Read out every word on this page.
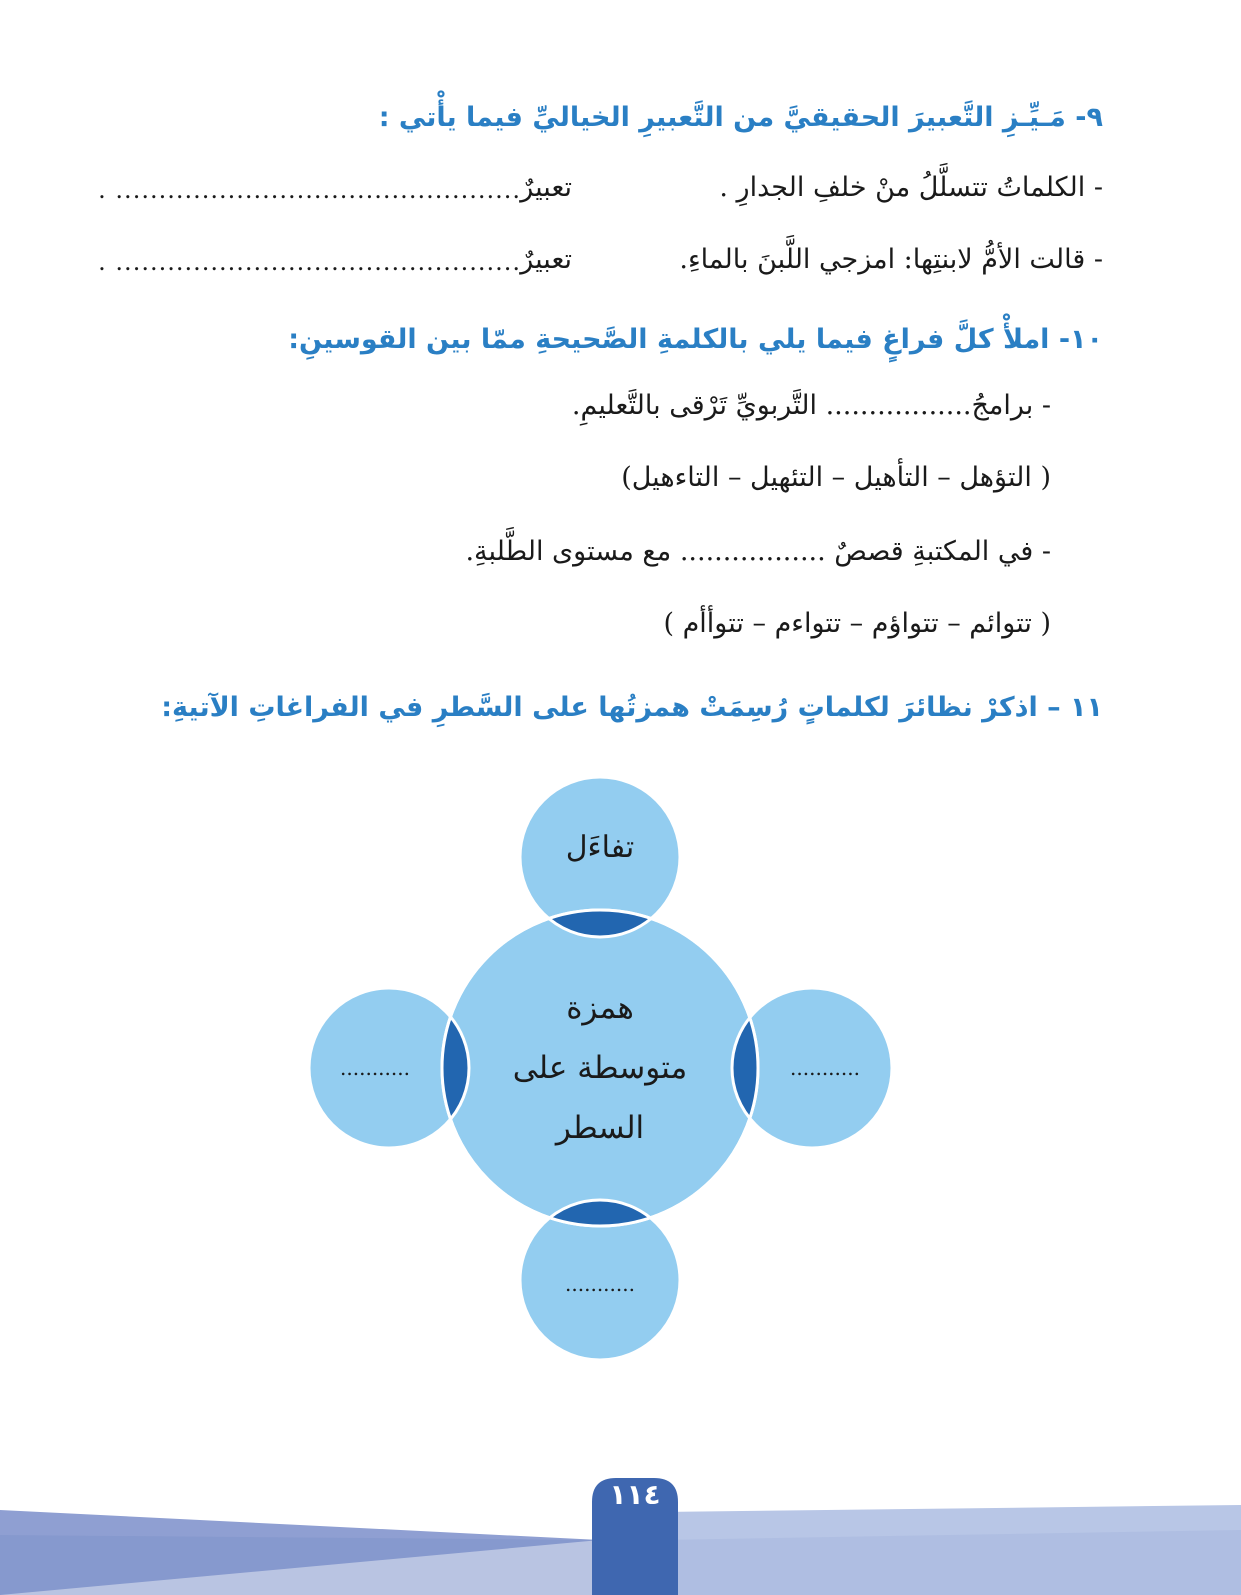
٩- مَـيِّـزِ التَّعبيرَ الحقيقيَّ من التَّعبيرِ الخياليِّ فيما يأْتي :
- الكلماتُ تتسلَّلُ منْ خلفِ الجدارِ .
تعبيرٌ
............................................... .
- قالت الأمُّ لابنتِها: امزجي اللَّبنَ بالماءِ.
تعبيرٌ
............................................... .
١٠- املأْ كلَّ فراغٍ فيما يلي بالكلمةِ الصَّحيحةِ ممّا بين القوسينِ:
- برامجُ................. التَّربويِّ تَرْقى بالتَّعليمِ.
( التؤهل – التأهيل – التئهيل – التاءهيل)
- في المكتبةِ قصصٌ ................. مع مستوى الطَّلبةِ.
( تتوائم – تتواؤم – تتواءم – تتوأأم )
١١ – اذكرْ نظائرَ لكلماتٍ رُسِمَتْ همزتُها على السَّطرِ في الفراغاتِ الآتيةِ:
تفاءَل
همزة
متوسطة على
السطر
...........	...........
...........
١١٤
